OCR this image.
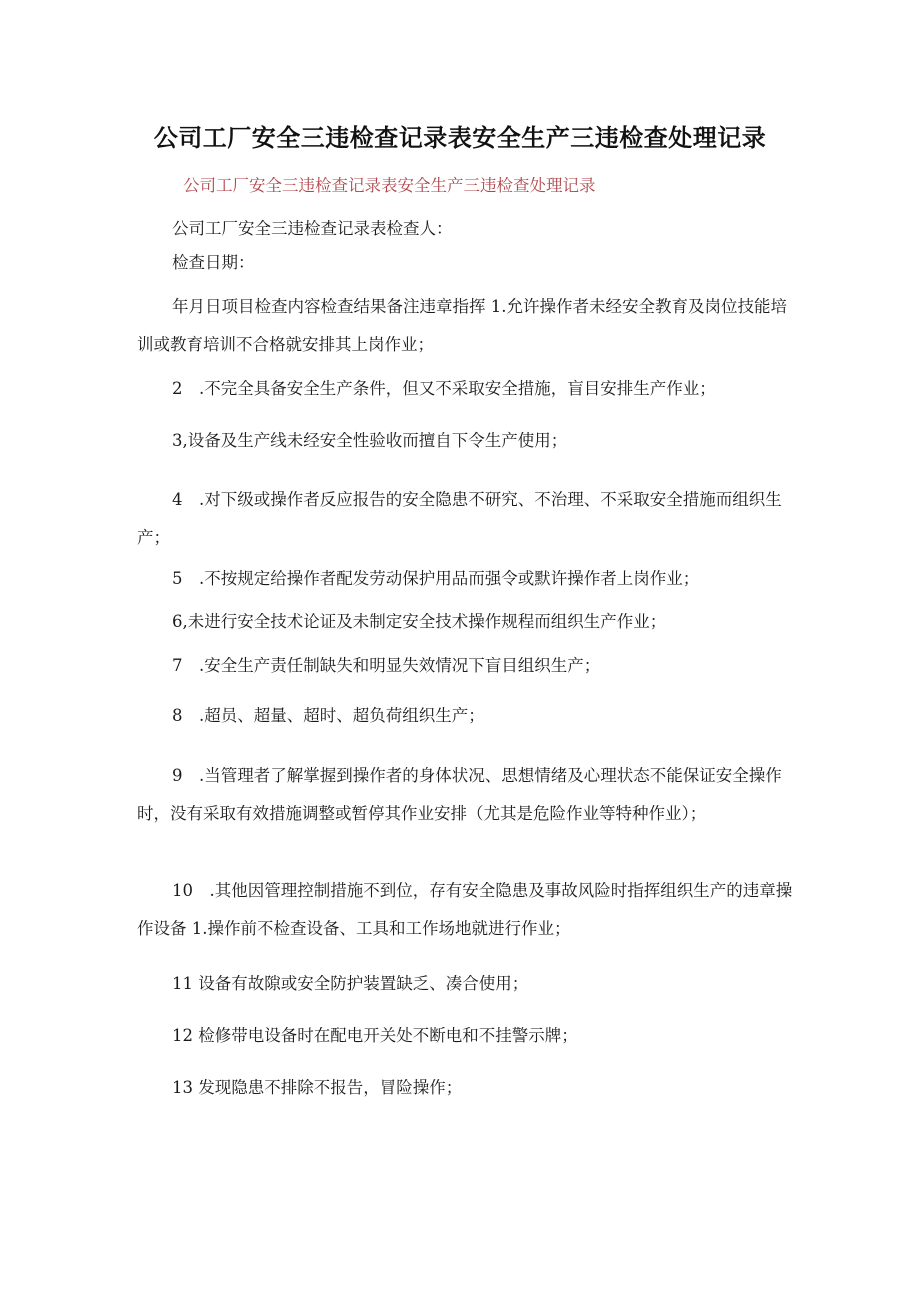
公司工厂安全三违检查记录表安全生产三违检查处理记录

公司工厂安全三违检查记录表安全生产三违检查处理记录

公司工厂安全三违检查记录表检查人：

检查日期：

年月日项目检查内容检查结果备注违章指挥 1.允许操作者未经安全教育及岗位技能培训或教育培训不合格就安排其上岗作业；

2　.不完全具备安全生产条件，但又不采取安全措施，盲目安排生产作业；

3,设备及生产线未经安全性验收而擅自下令生产使用；

4　.对下级或操作者反应报告的安全隐患不研究、不治理、不采取安全措施而组织生产；

5　.不按规定给操作者配发劳动保护用品而强令或默许操作者上岗作业；

6,未进行安全技术论证及未制定安全技术操作规程而组织生产作业；

7　.安全生产责任制缺失和明显失效情况下盲目组织生产；

8　.超员、超量、超时、超负荷组织生产；

9　.当管理者了解掌握到操作者的身体状况、思想情绪及心理状态不能保证安全操作时，没有采取有效措施调整或暂停其作业安排（尤其是危险作业等特种作业）；

10　.其他因管理控制措施不到位，存有安全隐患及事故风险时指挥组织生产的违章操作设备 1.操作前不检查设备、工具和工作场地就进行作业；

11 设备有故隙或安全防护装置缺乏、凑合使用；

12 检修带电设备时在配电开关处不断电和不挂警示牌；

13 发现隐患不排除不报告，冒险操作；
